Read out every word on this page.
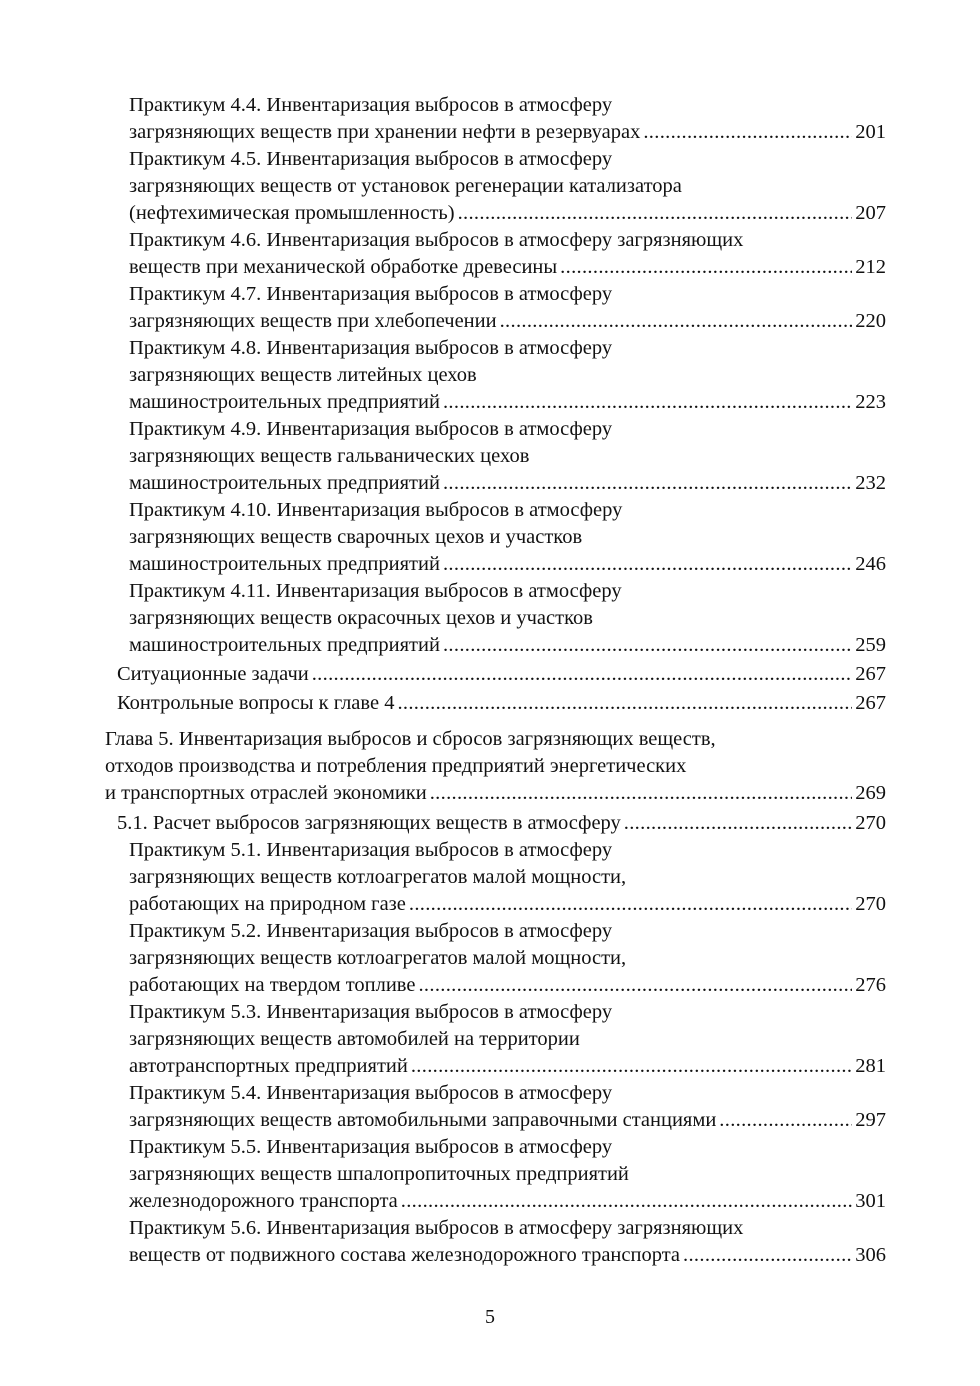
Практикум 4.4. Инвентаризация выбросов в атмосферу
загрязняющих веществ при хранении нефти в резервуарах . . .	201
Практикум 4.5. Инвентаризация выбросов в атмосферу
загрязняющих веществ от установок регенерации катализатора
(нефтехимическая промышленность) . . .	207
Практикум 4.6. Инвентаризация выбросов в атмосферу загрязняющих
веществ при механической обработке древесины . . .	212
Практикум 4.7. Инвентаризация выбросов в атмосферу
загрязняющих веществ при хлебопечении . . .	220
Практикум 4.8. Инвентаризация выбросов в атмосферу
загрязняющих веществ литейных цехов
машиностроительных предприятий . . .	223
Практикум 4.9. Инвентаризация выбросов в атмосферу
загрязняющих веществ гальванических цехов
машиностроительных предприятий . . .	232
Практикум 4.10. Инвентаризация выбросов в атмосферу
загрязняющих веществ сварочных цехов и участков
машиностроительных предприятий . . .	246
Практикум 4.11. Инвентаризация выбросов в атмосферу
загрязняющих веществ окрасочных цехов и участков
машиностроительных предприятий . . .	259
Ситуационные задачи . . .	267
Контрольные вопросы к главе 4 . . .	267
Глава 5. Инвентаризация выбросов и сбросов загрязняющих веществ,
отходов производства и потребления предприятий энергетических
и транспортных отраслей экономики . . .	269
5.1. Расчет выбросов загрязняющих веществ в атмосферу . . .	270
Практикум 5.1. Инвентаризация выбросов в атмосферу
загрязняющих веществ котлоагрегатов малой мощности,
работающих на природном газе . . .	270
Практикум 5.2. Инвентаризация выбросов в атмосферу
загрязняющих веществ котлоагрегатов малой мощности,
работающих на твердом топливе . . .	276
Практикум 5.3. Инвентаризация выбросов в атмосферу
загрязняющих веществ автомобилей на территории
автотранспортных предприятий . . .	281
Практикум 5.4. Инвентаризация выбросов в атмосферу
загрязняющих веществ автомобильными заправочными станциями . . .	297
Практикум 5.5. Инвентаризация выбросов в атмосферу
загрязняющих веществ шпалопропиточных предприятий
железнодорожного транспорта . . .	301
Практикум 5.6. Инвентаризация выбросов в атмосферу загрязняющих
веществ от подвижного состава железнодорожного транспорта . . .	306
5
